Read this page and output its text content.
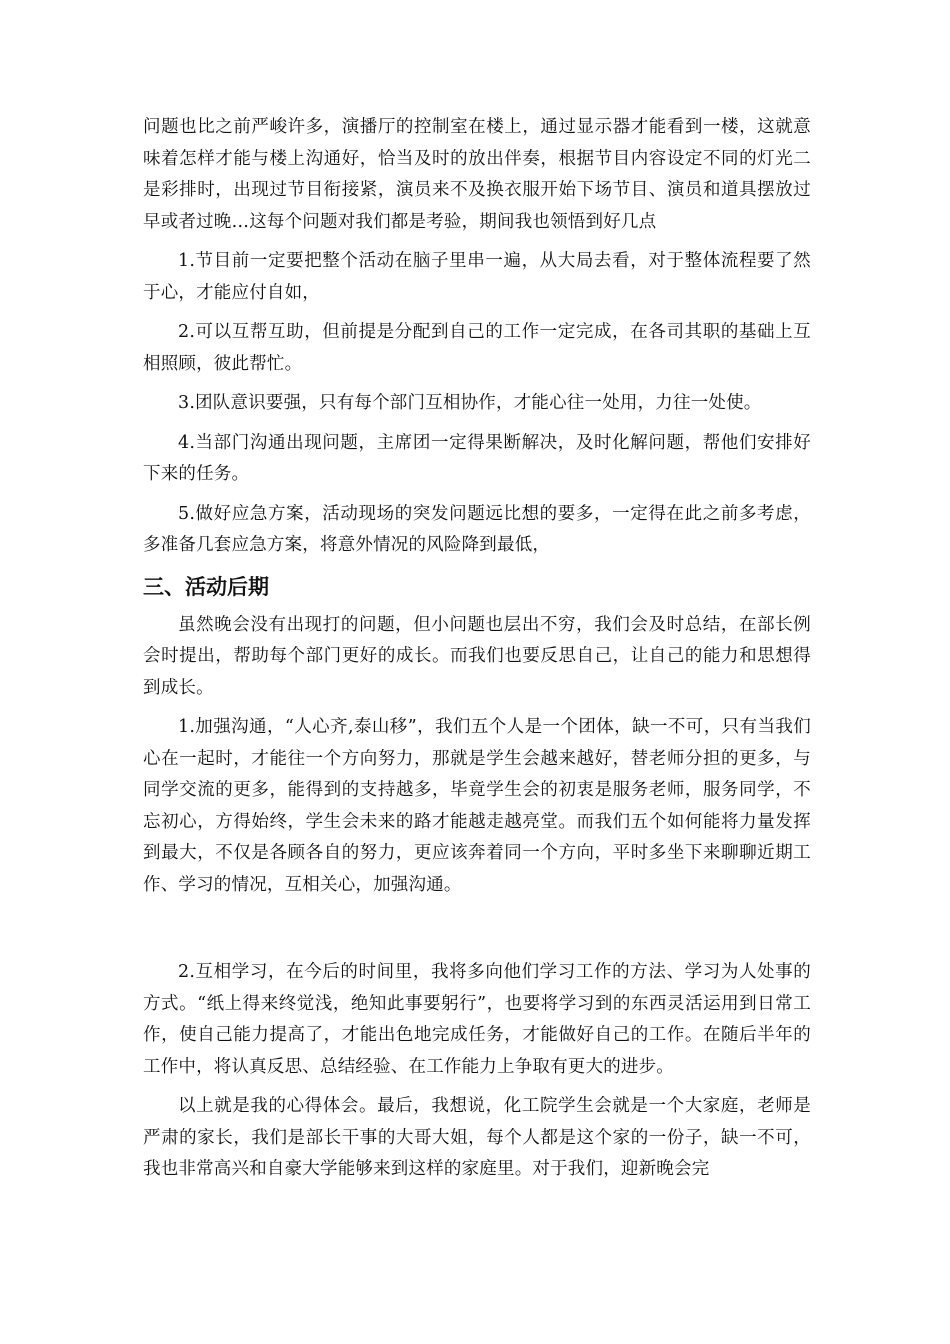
问题也比之前严峻许多，演播厅的控制室在楼上，通过显示器才能看到一楼，这就意味着怎样才能与楼上沟通好，恰当及时的放出伴奏，根据节目内容设定不同的灯光二是彩排时，出现过节目衔接紧，演员来不及换衣服开始下场节目、演员和道具摆放过早或者过晚…这每个问题对我们都是考验，期间我也领悟到好几点

1.节目前一定要把整个活动在脑子里串一遍，从大局去看，对于整体流程要了然于心，才能应付自如，

2.可以互帮互助，但前提是分配到自己的工作一定完成，在各司其职的基础上互相照顾，彼此帮忙。

3.团队意识要强，只有每个部门互相协作，才能心往一处用，力往一处使。

4.当部门沟通出现问题，主席团一定得果断解决，及时化解问题，帮他们安排好下来的任务。

5.做好应急方案，活动现场的突发问题远比想的要多，一定得在此之前多考虑，多准备几套应急方案，将意外情况的风险降到最低，

三、活动后期

虽然晚会没有出现打的问题，但小问题也层出不穷，我们会及时总结，在部长例会时提出，帮助每个部门更好的成长。而我们也要反思自己，让自己的能力和思想得到成长。

1.加强沟通，“人心齐,泰山移”，我们五个人是一个团体，缺一不可，只有当我们心在一起时，才能往一个方向努力，那就是学生会越来越好，替老师分担的更多，与同学交流的更多，能得到的支持越多，毕竟学生会的初衷是服务老师，服务同学，不忘初心，方得始终，学生会未来的路才能越走越亮堂。而我们五个如何能将力量发挥到最大，不仅是各顾各自的努力，更应该奔着同一个方向，平时多坐下来聊聊近期工作、学习的情况，互相关心，加强沟通。

2.互相学习，在今后的时间里，我将多向他们学习工作的方法、学习为人处事的方式。“纸上得来终觉浅，绝知此事要躬行”，也要将学习到的东西灵活运用到日常工作，使自己能力提高了，才能出色地完成任务，才能做好自己的工作。在随后半年的工作中，将认真反思、总结经验、在工作能力上争取有更大的进步。

以上就是我的心得体会。最后，我想说，化工院学生会就是一个大家庭，老师是严肃的家长，我们是部长干事的大哥大姐，每个人都是这个家的一份子，缺一不可，我也非常高兴和自豪大学能够来到这样的家庭里。对于我们，迎新晚会完
